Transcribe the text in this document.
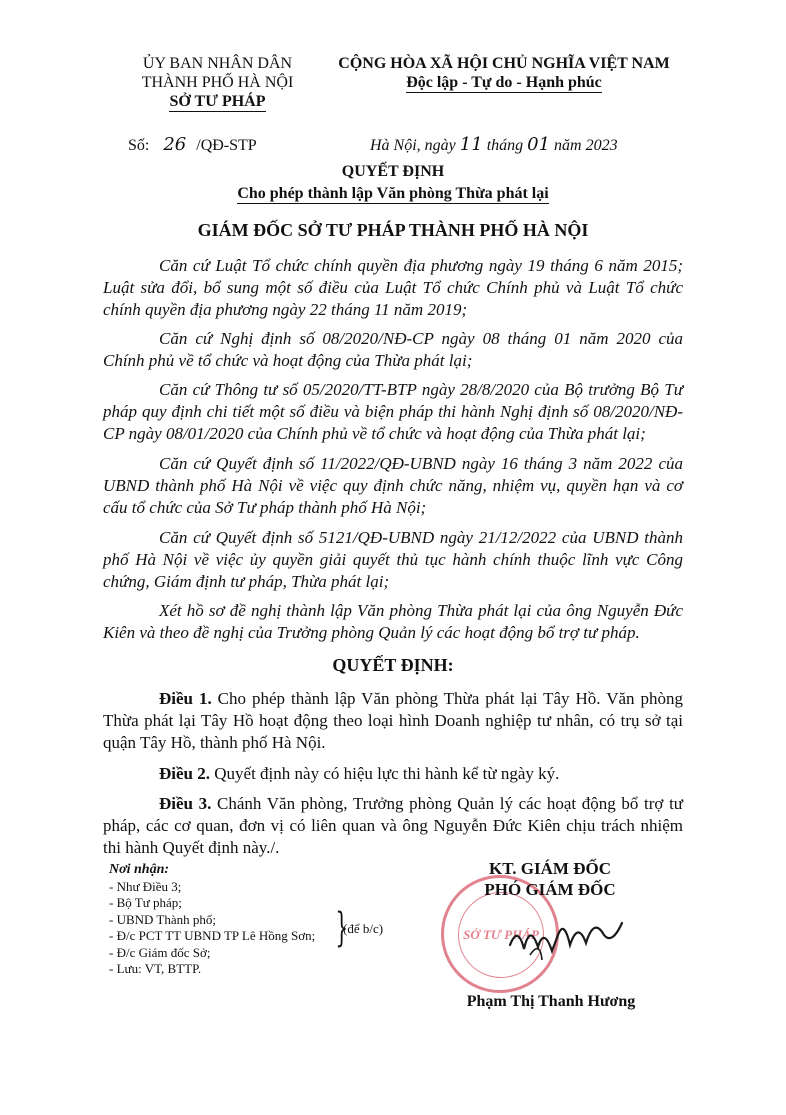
ỦY BAN NHÂN DÂN
THÀNH PHỐ HÀ NỘI
SỞ TƯ PHÁP
CỘNG HÒA XÃ HỘI CHỦ NGHĨA VIỆT NAM
Độc lập - Tự do - Hạnh phúc
Số: 26 /QĐ-STP	Hà Nội, ngày 11 tháng 01 năm 2023
QUYẾT ĐỊNH
Cho phép thành lập Văn phòng Thừa phát lại
GIÁM ĐỐC SỞ TƯ PHÁP THÀNH PHỐ HÀ NỘI
Căn cứ Luật Tổ chức chính quyền địa phương ngày 19 tháng 6 năm 2015; Luật sửa đổi, bổ sung một số điều của Luật Tổ chức Chính phủ và Luật Tổ chức chính quyền địa phương ngày 22 tháng 11 năm 2019;
Căn cứ Nghị định số 08/2020/NĐ-CP ngày 08 tháng 01 năm 2020 của Chính phủ về tổ chức và hoạt động của Thừa phát lại;
Căn cứ Thông tư số 05/2020/TT-BTP ngày 28/8/2020 của Bộ trưởng Bộ Tư pháp quy định chi tiết một số điều và biện pháp thi hành Nghị định số 08/2020/NĐ-CP ngày 08/01/2020 của Chính phủ về tổ chức và hoạt động của Thừa phát lại;
Căn cứ Quyết định số 11/2022/QĐ-UBND ngày 16 tháng 3 năm 2022 của UBND thành phố Hà Nội về việc quy định chức năng, nhiệm vụ, quyền hạn và cơ cấu tổ chức của Sở Tư pháp thành phố Hà Nội;
Căn cứ Quyết định số 5121/QĐ-UBND ngày 21/12/2022 của UBND thành phố Hà Nội về việc ủy quyền giải quyết thủ tục hành chính thuộc lĩnh vực Công chứng, Giám định tư pháp, Thừa phát lại;
Xét hồ sơ đề nghị thành lập Văn phòng Thừa phát lại của ông Nguyễn Đức Kiên và theo đề nghị của Trưởng phòng Quản lý các hoạt động bổ trợ tư pháp.
QUYẾT ĐỊNH:
Điều 1. Cho phép thành lập Văn phòng Thừa phát lại Tây Hồ. Văn phòng Thừa phát lại Tây Hồ hoạt động theo loại hình Doanh nghiệp tư nhân, có trụ sở tại quận Tây Hồ, thành phố Hà Nội.
Điều 2. Quyết định này có hiệu lực thi hành kể từ ngày ký.
Điều 3. Chánh Văn phòng, Trưởng phòng Quản lý các hoạt động bổ trợ tư pháp, các cơ quan, đơn vị có liên quan và ông Nguyễn Đức Kiên chịu trách nhiệm thi hành Quyết định này./.
Nơi nhận:
- Như Điều 3;
- Bộ Tư pháp;
- UBND Thành phố;
- Đ/c PCT TT UBND TP Lê Hồng Sơn;
- Đ/c Giám đốc Sở;
- Lưu: VT, BTTP.
}
(để b/c)	SỞ TƯ PHÁP
KT. GIÁM ĐỐC
PHÓ GIÁM ĐỐC
Phạm Thị Thanh Hương
